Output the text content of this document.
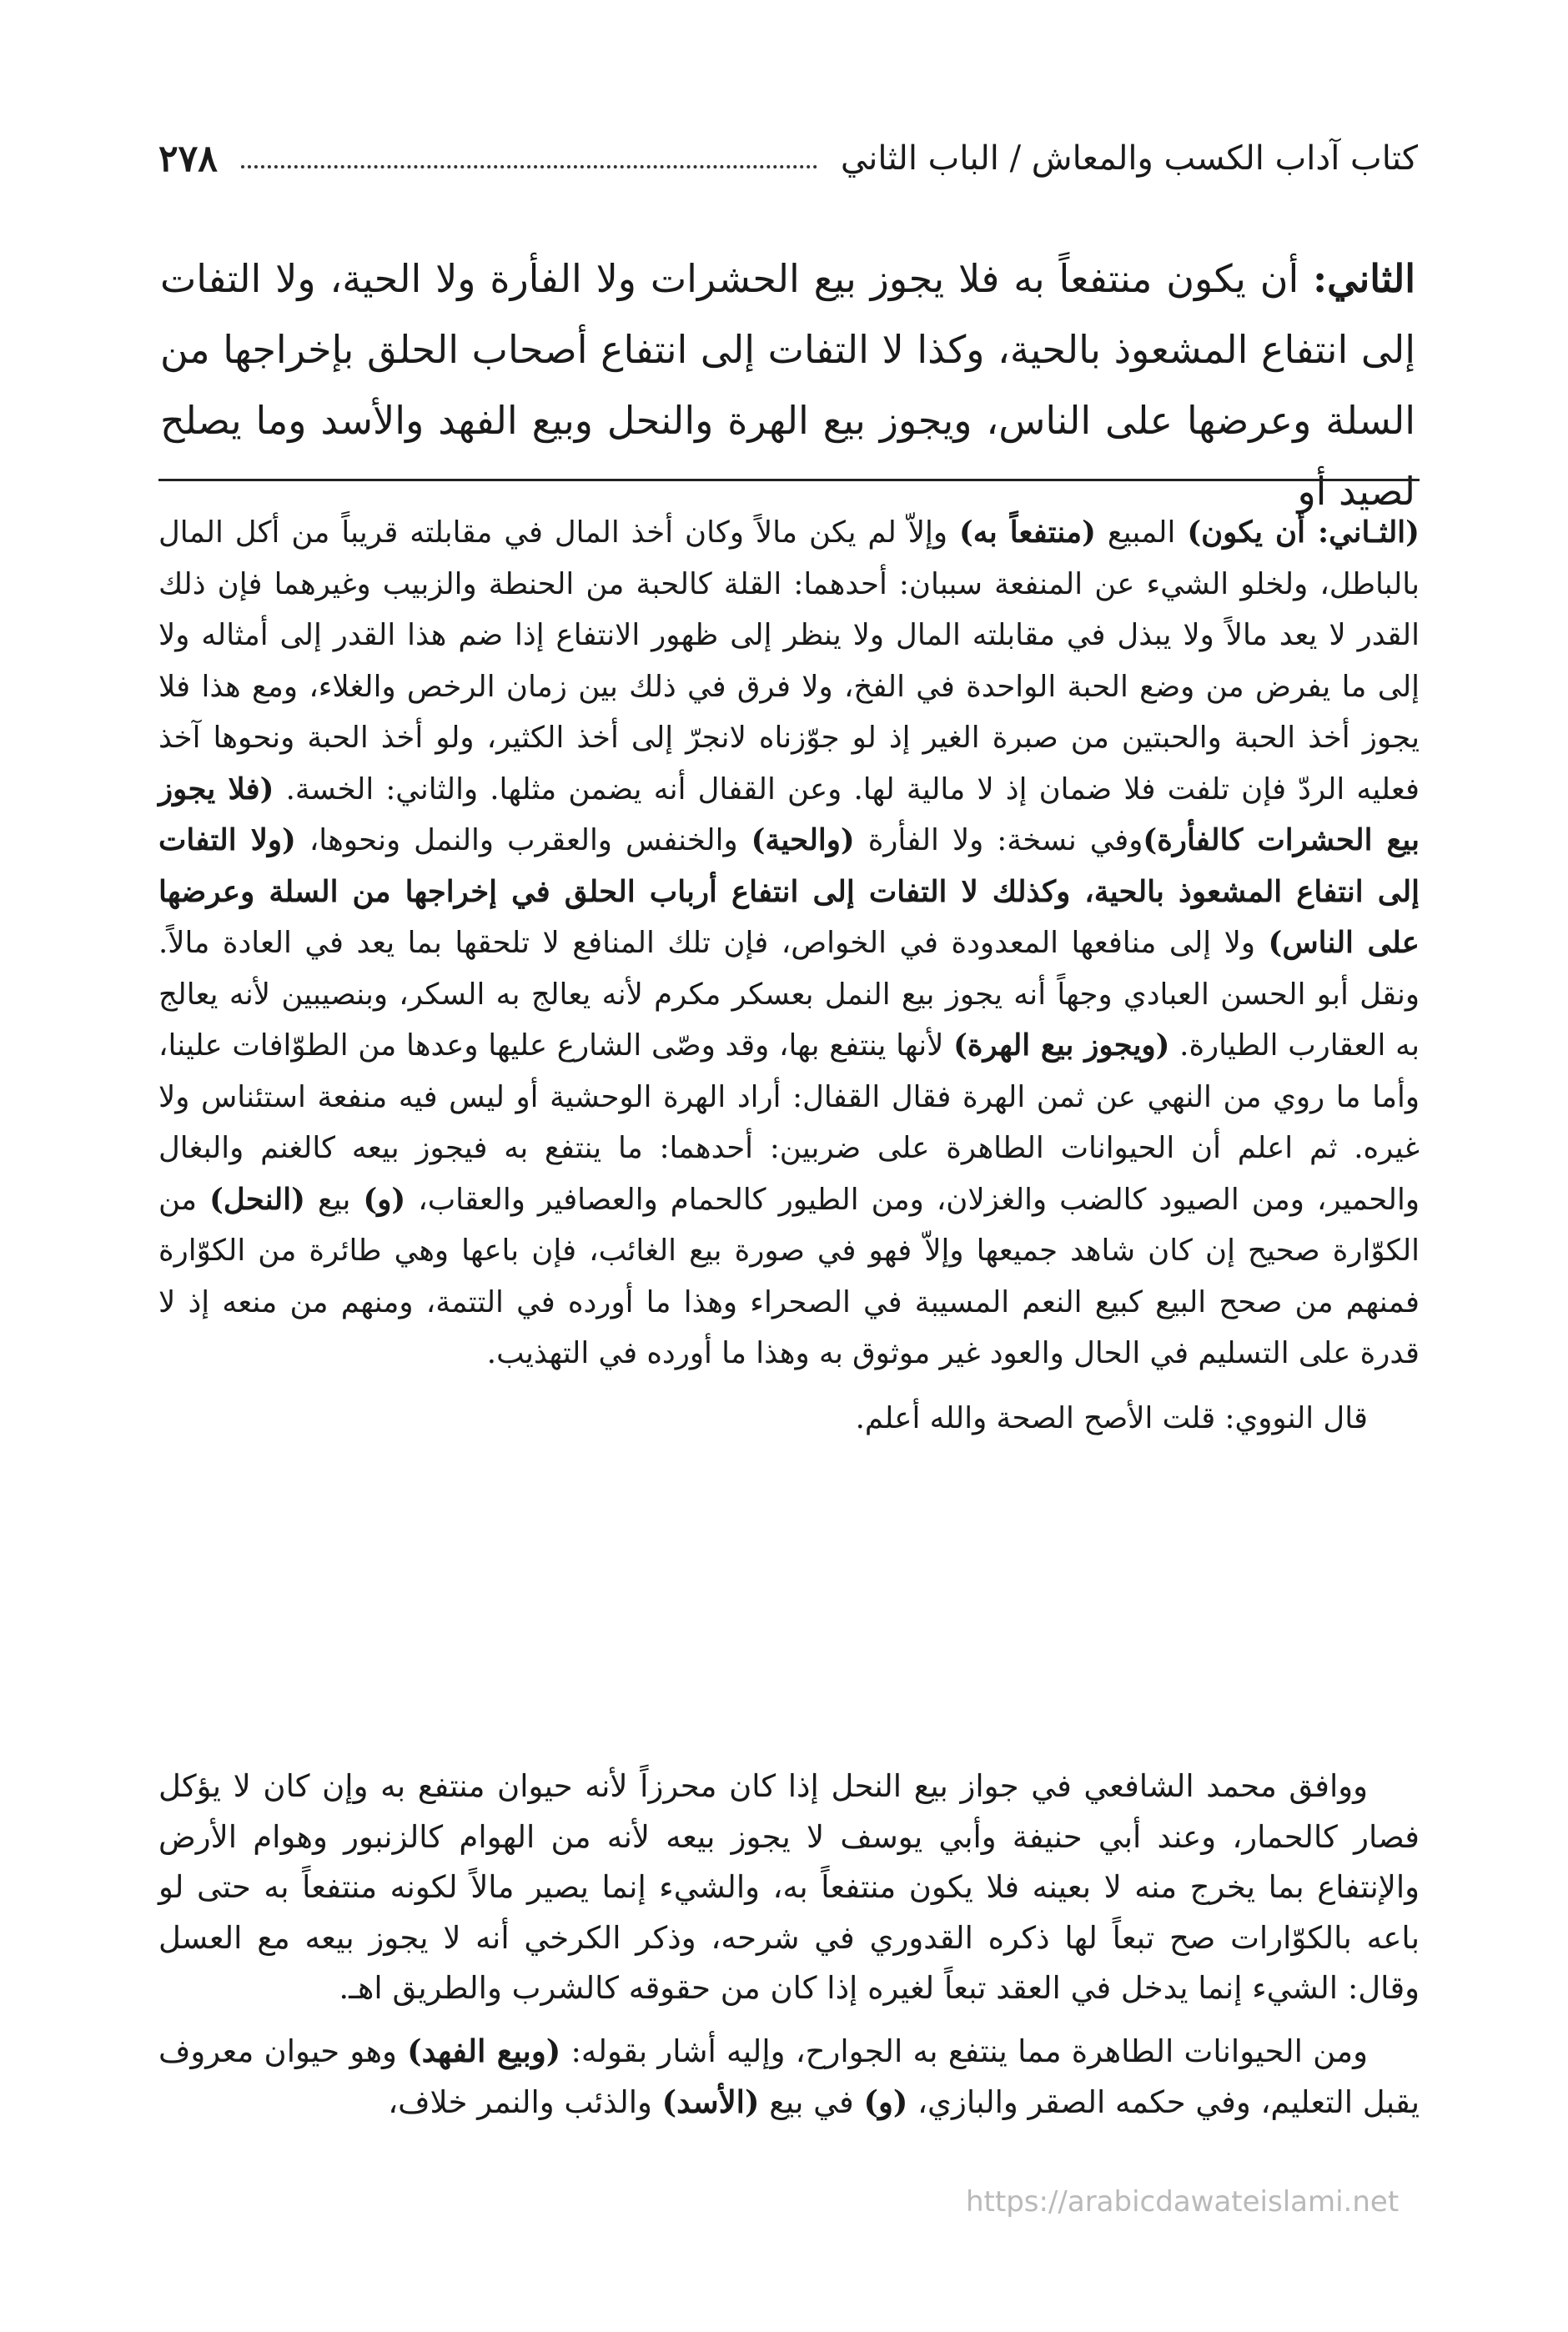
كتاب آداب الكسب والمعاش / الباب الثاني
٢٧٨

الثاني: أن يكون منتفعاً به فلا يجوز بيع الحشرات ولا الفأرة ولا الحية، ولا التفات إلى انتفاع المشعوذ بالحية، وكذا لا التفات إلى انتفاع أصحاب الحلق بإخراجها من السلة وعرضها على الناس، ويجوز بيع الهرة والنحل وبيع الفهد والأسد وما يصلح لصيد أو

(الثـاني: أن يكون) المبيع (منتفعاً به) وإلاّ لم يكن مالاً وكان أخذ المال في مقابلته قريباً من أكل المال بالباطل، ولخلو الشيء عن المنفعة سببان: أحدهما: القلة كالحبة من الحنطة والزبيب وغيرهما فإن ذلك القدر لا يعد مالاً ولا يبذل في مقابلته المال ولا ينظر إلى ظهور الانتفاع إذا ضم هذا القدر إلى أمثاله ولا إلى ما يفرض من وضع الحبة الواحدة في الفخ، ولا فرق في ذلك بين زمان الرخص والغلاء، ومع هذا فلا يجوز أخذ الحبة والحبتين من صبرة الغير إذ لو جوّزناه لانجرّ إلى أخذ الكثير، ولو أخذ الحبة ونحوها آخذ فعليه الردّ فإن تلفت فلا ضمان إذ لا مالية لها. وعن القفال أنه يضمن مثلها. والثاني: الخسة. (فلا يجوز بيع الحشرات كالفأرة)وفي نسخة: ولا الفأرة (والحية) والخنفس والعقرب والنمل ونحوها، (ولا التفات إلى انتفاع المشعوذ بالحية، وكذلك لا التفات إلى انتفاع أرباب الحلق في إخراجها من السلة وعرضها على الناس) ولا إلى منافعها المعدودة في الخواص، فإن تلك المنافع لا تلحقها بما يعد في العادة مالاً. ونقل أبو الحسن العبادي وجهاً أنه يجوز بيع النمل بعسكر مكرم لأنه يعالج به السكر، وبنصيبين لأنه يعالج به العقارب الطيارة. (ويجوز بيع الهرة) لأنها ينتفع بها، وقد وصّى الشارع عليها وعدها من الطوّافات علينا، وأما ما روي من النهي عن ثمن الهرة فقال القفال: أراد الهرة الوحشية أو ليس فيه منفعة استئناس ولا غيره. ثم اعلم أن الحيوانات الطاهرة على ضربين: أحدهما: ما ينتفع به فيجوز بيعه كالغنم والبغال والحمير، ومن الصيود كالضب والغزلان، ومن الطيور كالحمام والعصافير والعقاب، (و) بيع (النحل) من الكوّارة صحيح إن كان شاهد جميعها وإلاّ فهو في صورة بيع الغائب، فإن باعها وهي طائرة من الكوّارة فمنهم من صحح البيع كبيع النعم المسيبة في الصحراء وهذا ما أورده في التتمة، ومنهم من منعه إذ لا قدرة على التسليم في الحال والعود غير موثوق به وهذا ما أورده في التهذيب.

قال النووي: قلت الأصح الصحة والله أعلم.

ووافق محمد الشافعي في جواز بيع النحل إذا كان محرزاً لأنه حيوان منتفع به وإن كان لا يؤكل فصار كالحمار، وعند أبي حنيفة وأبي يوسف لا يجوز بيعه لأنه من الهوام كالزنبور وهوام الأرض والإنتفاع بما يخرج منه لا بعينه فلا يكون منتفعاً به، والشيء إنما يصير مالاً لكونه منتفعاً به حتى لو باعه بالكوّارات صح تبعاً لها ذكره القدوري في شرحه، وذكر الكرخي أنه لا يجوز بيعه مع العسل وقال: الشيء إنما يدخل في العقد تبعاً لغيره إذا كان من حقوقه كالشرب والطريق اهـ.

ومن الحيوانات الطاهرة مما ينتفع به الجوارح، وإليه أشار بقوله: (وبيع الفهد) وهو حيوان معروف يقبل التعليم، وفي حكمه الصقر والبازي، (و) في بيع (الأسد) والذئب والنمر خلاف،

https://arabicdawateislami.net
